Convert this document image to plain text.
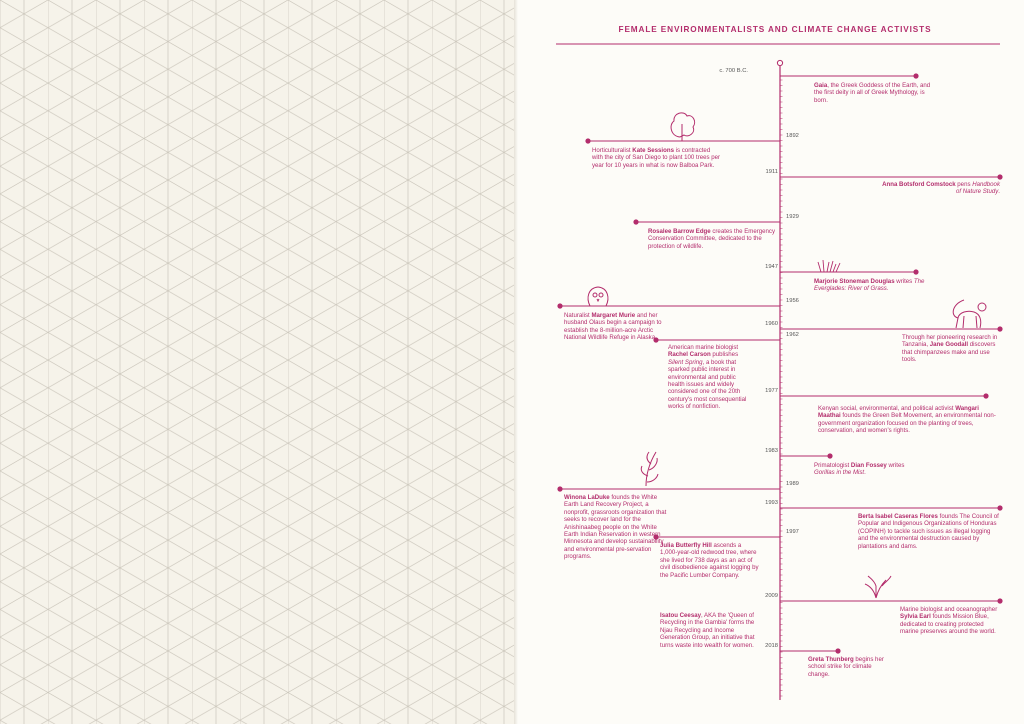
FEMALE ENVIRONMENTALISTS AND CLIMATE CHANGE ACTIVISTS
c. 700 B.C.
Gaia, the Greek Goddess of the Earth, and the first deity in all of Greek Mythology, is born.
1892
Horticulturalist Kate Sessions is contracted with the city of San Diego to plant 100 trees per year for 10 years in what is now Balboa Park.
1911
Anna Botsford Comstock pens Handbook of Nature Study.
1929
Rosalee Barrow Edge creates the Emergency Conservation Committee, dedicated to the protection of wildlife.
1947
Marjorie Stoneman Douglas writes The Everglades: River of Grass.
1956
Naturalist Margaret Murie and her husband Olaus begin a campaign to establish the 8-million-acre Arctic National Wildlife Refuge in Alaska.
1960
Through her pioneering research in Tanzania, Jane Goodall discovers that chimpanzees make and use tools.
1962
American marine biologist Rachel Carson publishes Silent Spring, a book that sparked public interest in environmental and public health issues and widely considered one of the 20th century's most consequential works of nonfiction.
1977
Kenyan social, environmental, and political activist Wangari Maathai founds the Green Belt Movement, an environmental non-government organization focused on the planting of trees, conservation, and women's rights.
1983
Primatologist Dian Fossey writes Gorillas in the Mist.
1989
Winona LaDuke founds the White Earth Land Recovery Project, a nonprofit, grassroots organization that seeks to recover land for the Anishinaabeg people on the White Earth Indian Reservation in western Minnesota and develop sustainability and environmental pre-servation programs.
1993
Berta Isabel Caseras Flores founds The Council of Popular and Indigenous Organizations of Honduras (COPINH) to tackle such issues as illegal logging and the environmental destruction caused by plantations and dams.
1997
Julia Butterfly Hill ascends a 1,000-year-old redwood tree, where she lived for 738 days as an act of civil disobedience against logging by the Pacific Lumber Company.
Isatou Ceesay, AKA the 'Queen of Recycling in the Gambia' forms the Njau Recycling and Income Generation Group, an initiative that turns waste into wealth for women.
2009
Marine biologist and oceanographer Sylvia Earl founds Mission Blue, dedicated to creating protected marine preserves around the world.
2018
Greta Thunberg begins her school strike for climate change.
